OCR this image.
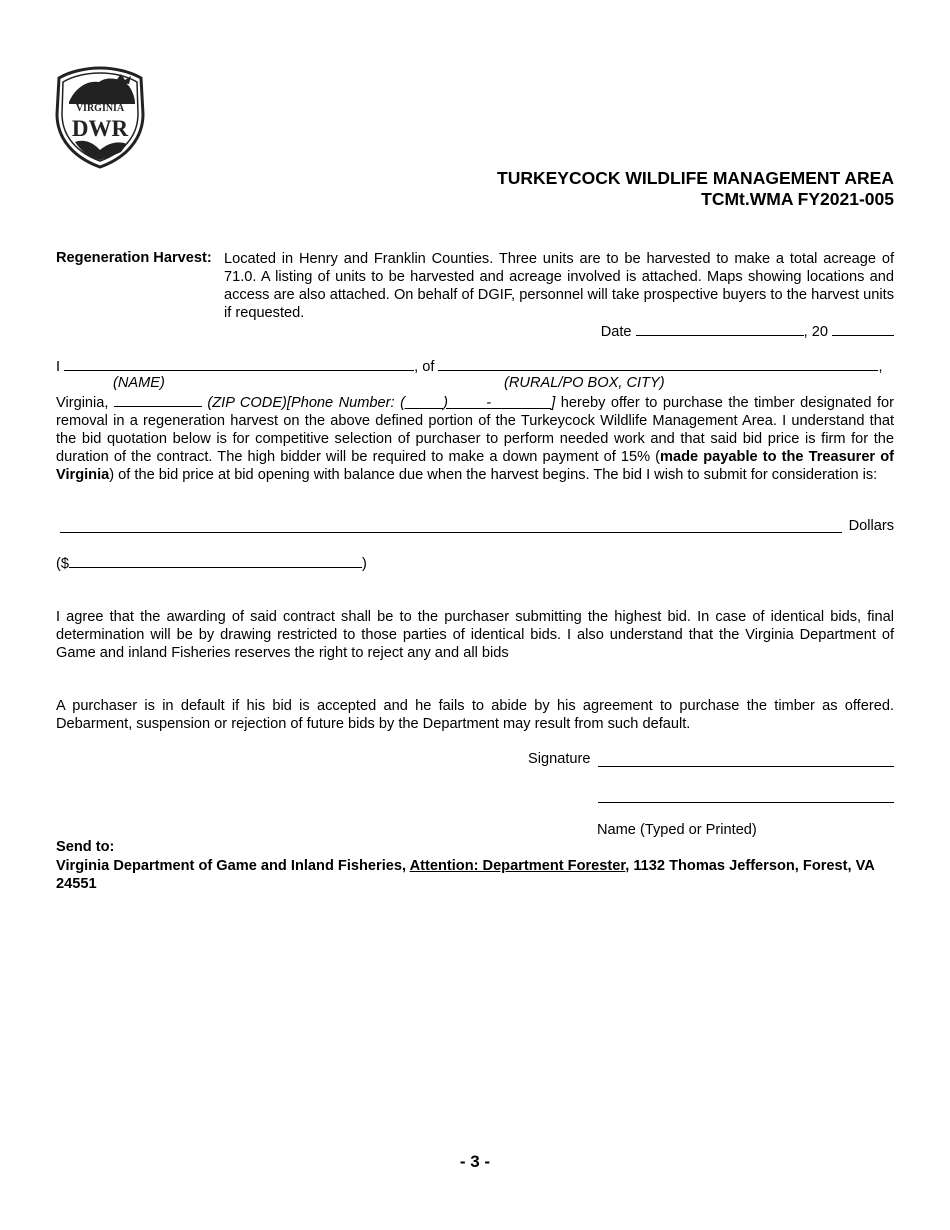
VIRGINIA
DWR
TURKEYCOCK WILDLIFE MANAGEMENT AREA
TCMt.WMA FY2021-005
Regeneration Harvest: Located in Henry and Franklin Counties. Three units are to be harvested to make a total acreage of 71.0. A listing of units to be harvested and acreage involved is attached. Maps showing locations and access are also attached. On behalf of DGIF, personnel will take prospective buyers to the harvest units if requested.
Date	, 20
I	, of	,
(NAME)	(RURAL/PO BOX, CITY)
Virginia,	(ZIP CODE)[Phone Number: (	)	-	] hereby offer to purchase the timber designated for removal in a regeneration harvest on the above defined portion of the Turkeycock Wildlife Management Area. I understand that the bid quotation below is for competitive selection of purchaser to perform needed work and that said bid price is firm for the duration of the contract. The high bidder will be required to make a down payment of 15% (made payable to the Treasurer of Virginia) of the bid price at bid opening with balance due when the harvest begins. The bid I wish to submit for consideration is:
Dollars
($	)
I agree that the awarding of said contract shall be to the purchaser submitting the highest bid. In case of identical bids, final determination will be by drawing restricted to those parties of identical bids. I also understand that the Virginia Department of Game and inland Fisheries reserves the right to reject any and all bids
A purchaser is in default if his bid is accepted and he fails to abide by his agreement to purchase the timber as offered. Debarment, suspension or rejection of future bids by the Department may result from such default.
Signature
Name (Typed or Printed)
Send to:
Virginia Department of Game and Inland Fisheries, Attention: Department Forester, 1132 Thomas Jefferson, Forest, VA 24551
- 3 -
